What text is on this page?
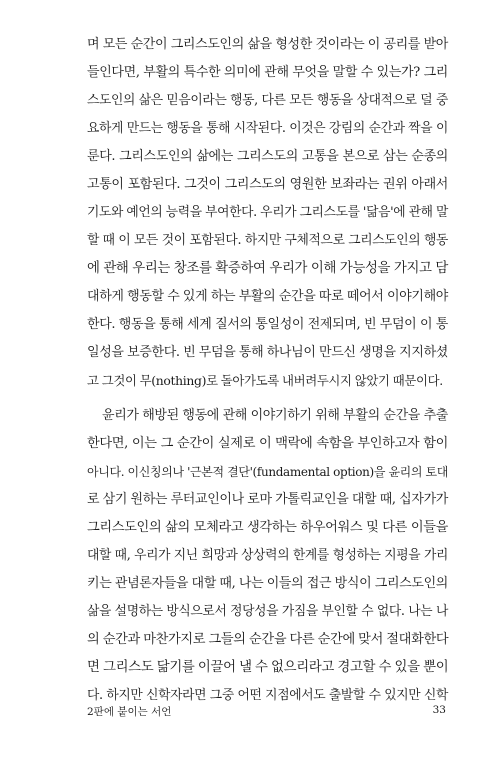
며 모든 순간이 그리스도인의 삶을 형성한 것이라는 이 공리를 받아
들인다면, 부활의 특수한 의미에 관해 무엇을 말할 수 있는가? 그리
스도인의 삶은 믿음이라는 행동, 다른 모든 행동을 상대적으로 덜 중
요하게 만드는 행동을 통해 시작된다. 이것은 강림의 순간과 짝을 이
룬다. 그리스도인의 삶에는 그리스도의 고통을 본으로 삼는 순종의
고통이 포함된다. 그것이 그리스도의 영원한 보좌라는 권위 아래서
기도와 예언의 능력을 부여한다. 우리가 그리스도를 '닮음'에 관해 말
할 때 이 모든 것이 포함된다. 하지만 구체적으로 그리스도인의 행동
에 관해 우리는 창조를 확증하여 우리가 이해 가능성을 가지고 담
대하게 행동할 수 있게 하는 부활의 순간을 따로 떼어서 이야기해야
한다. 행동을 통해 세계 질서의 통일성이 전제되며, 빈 무덤이 이 통
일성을 보증한다. 빈 무덤을 통해 하나님이 만드신 생명을 지지하셨
고 그것이 무(nothing)로 돌아가도록 내버려두시지 않았기 때문이다.
윤리가 해방된 행동에 관해 이야기하기 위해 부활의 순간을 추출
한다면, 이는 그 순간이 실제로 이 맥락에 속함을 부인하고자 함이
아니다. 이신칭의나 '근본적 결단'(fundamental option)을 윤리의 토대
로 삼기 원하는 루터교인이나 로마 가톨릭교인을 대할 때, 십자가가
그리스도인의 삶의 모체라고 생각하는 하우어워스 및 다른 이들을
대할 때, 우리가 지닌 희망과 상상력의 한계를 형성하는 지평을 가리
키는 관념론자들을 대할 때, 나는 이들의 접근 방식이 그리스도인의
삶을 설명하는 방식으로서 정당성을 가짐을 부인할 수 없다. 나는 나
의 순간과 마찬가지로 그들의 순간을 다른 순간에 맞서 절대화한다
면 그리스도 닮기를 이끌어 낼 수 없으리라고 경고할 수 있을 뿐이
다. 하지만 신학자라면 그중 어떤 지점에서도 출발할 수 있지만 신학
2판에 붙이는 서언	33
